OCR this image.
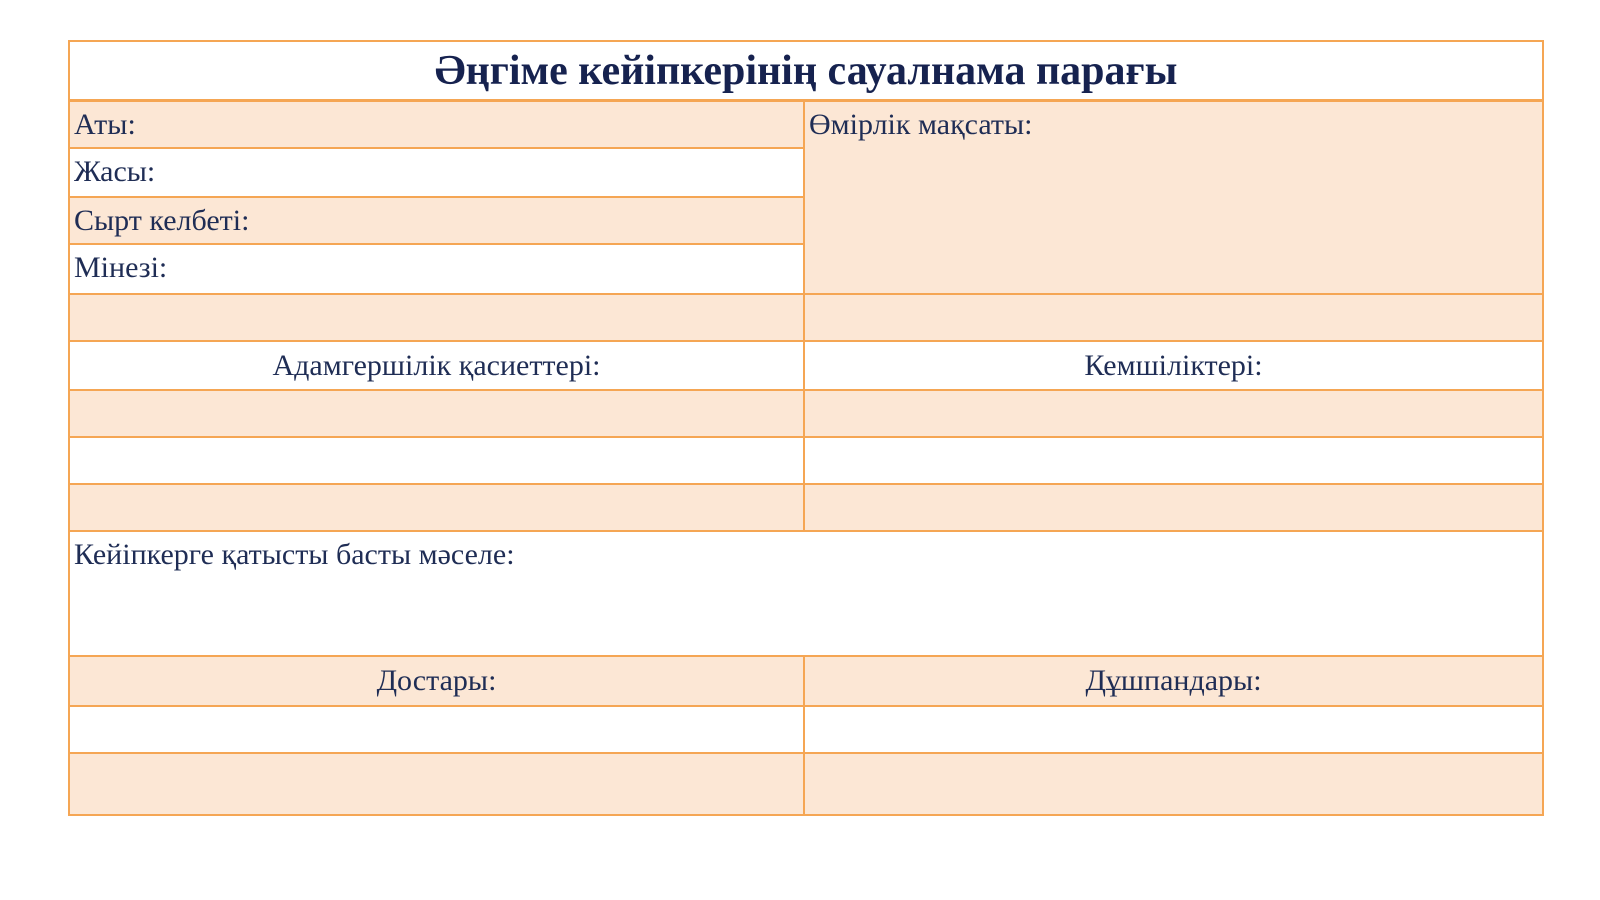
Әңгіме кейіпкерінің сауалнама парағы
Аты:
Жасы:
Сырт келбеті:
Мінезі:
Өмірлік мақсаты:
Адамгершілік қасиеттері:	Кемшіліктері:
Кейіпкерге қатысты басты мәселе:
Достары:	Дұшпандары:
